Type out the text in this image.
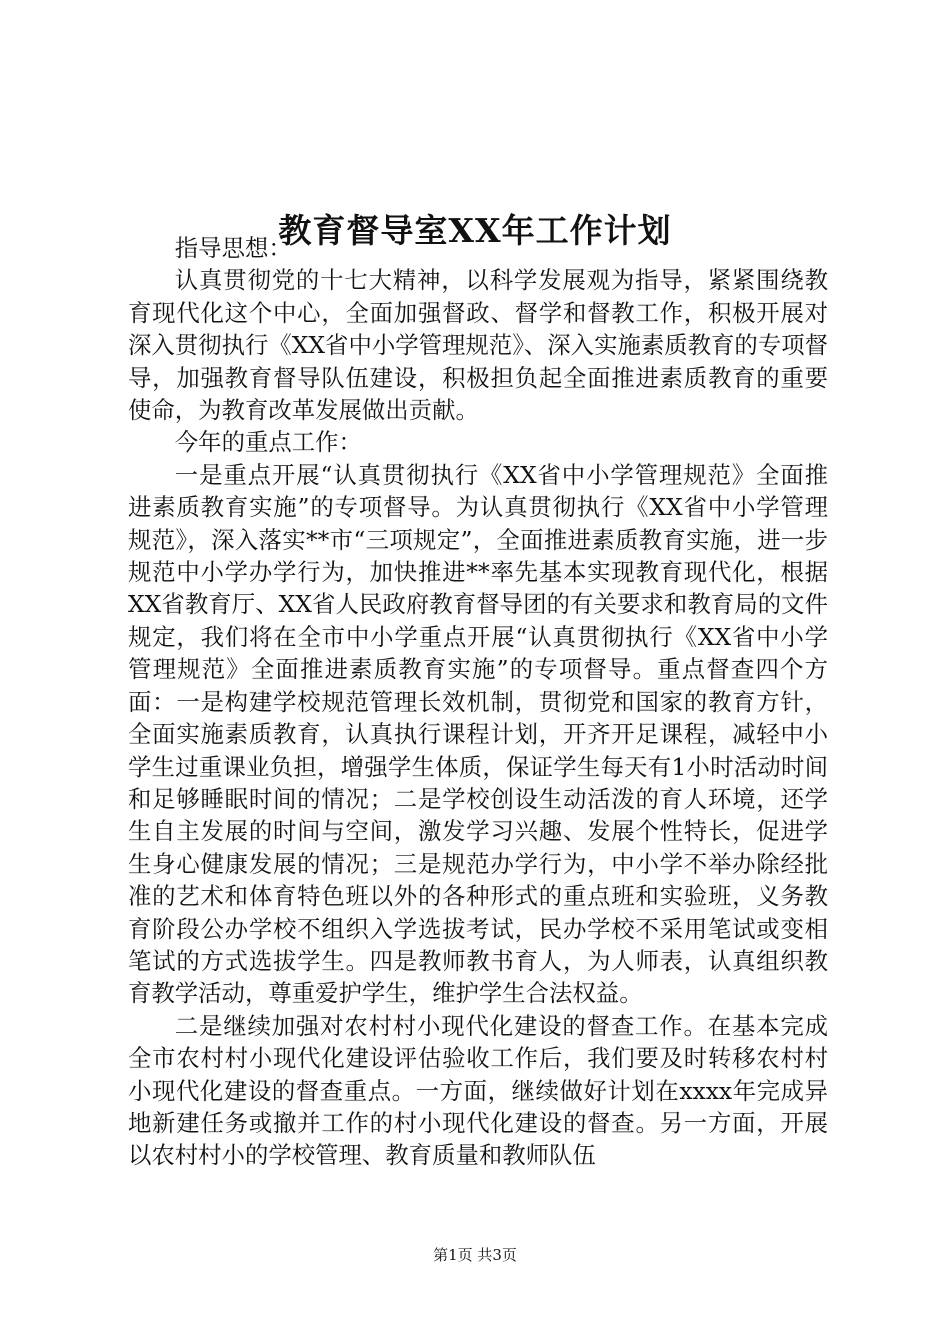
教育督导室XX年工作计划

指导思想：

认真贯彻党的十七大精神，以科学发展观为指导，紧紧围绕教育现代化这个中心，全面加强督政、督学和督教工作，积极开展对深入贯彻执行《XX省中小学管理规范》、深入实施素质教育的专项督导，加强教育督导队伍建设，积极担负起全面推进素质教育的重要使命，为教育改革发展做出贡献。

今年的重点工作：

一是重点开展“认真贯彻执行《XX省中小学管理规范》全面推进素质教育实施”的专项督导。为认真贯彻执行《XX省中小学管理规范》，深入落实**市“三项规定”，全面推进素质教育实施，进一步规范中小学办学行为，加快推进**率先基本实现教育现代化，根据XX省教育厅、XX省人民政府教育督导团的有关要求和教育局的文件规定，我们将在全市中小学重点开展“认真贯彻执行《XX省中小学管理规范》全面推进素质教育实施”的专项督导。重点督查四个方面：一是构建学校规范管理长效机制，贯彻党和国家的教育方针，全面实施素质教育，认真执行课程计划，开齐开足课程，减轻中小学生过重课业负担，增强学生体质，保证学生每天有1小时活动时间和足够睡眠时间的情况；二是学校创设生动活泼的育人环境，还学生自主发展的时间与空间，激发学习兴趣、发展个性特长，促进学生身心健康发展的情况；三是规范办学行为，中小学不举办除经批准的艺术和体育特色班以外的各种形式的重点班和实验班，义务教育阶段公办学校不组织入学选拔考试，民办学校不采用笔试或变相笔试的方式选拔学生。四是教师教书育人，为人师表，认真组织教育教学活动，尊重爱护学生，维护学生合法权益。

二是继续加强对农村村小现代化建设的督查工作。在基本完成全市农村村小现代化建设评估验收工作后，我们要及时转移农村村小现代化建设的督查重点。一方面，继续做好计划在xxxx年完成异地新建任务或撤并工作的村小现代化建设的督查。另一方面，开展以农村村小的学校管理、教育质量和教师队伍

第1页 共3页
